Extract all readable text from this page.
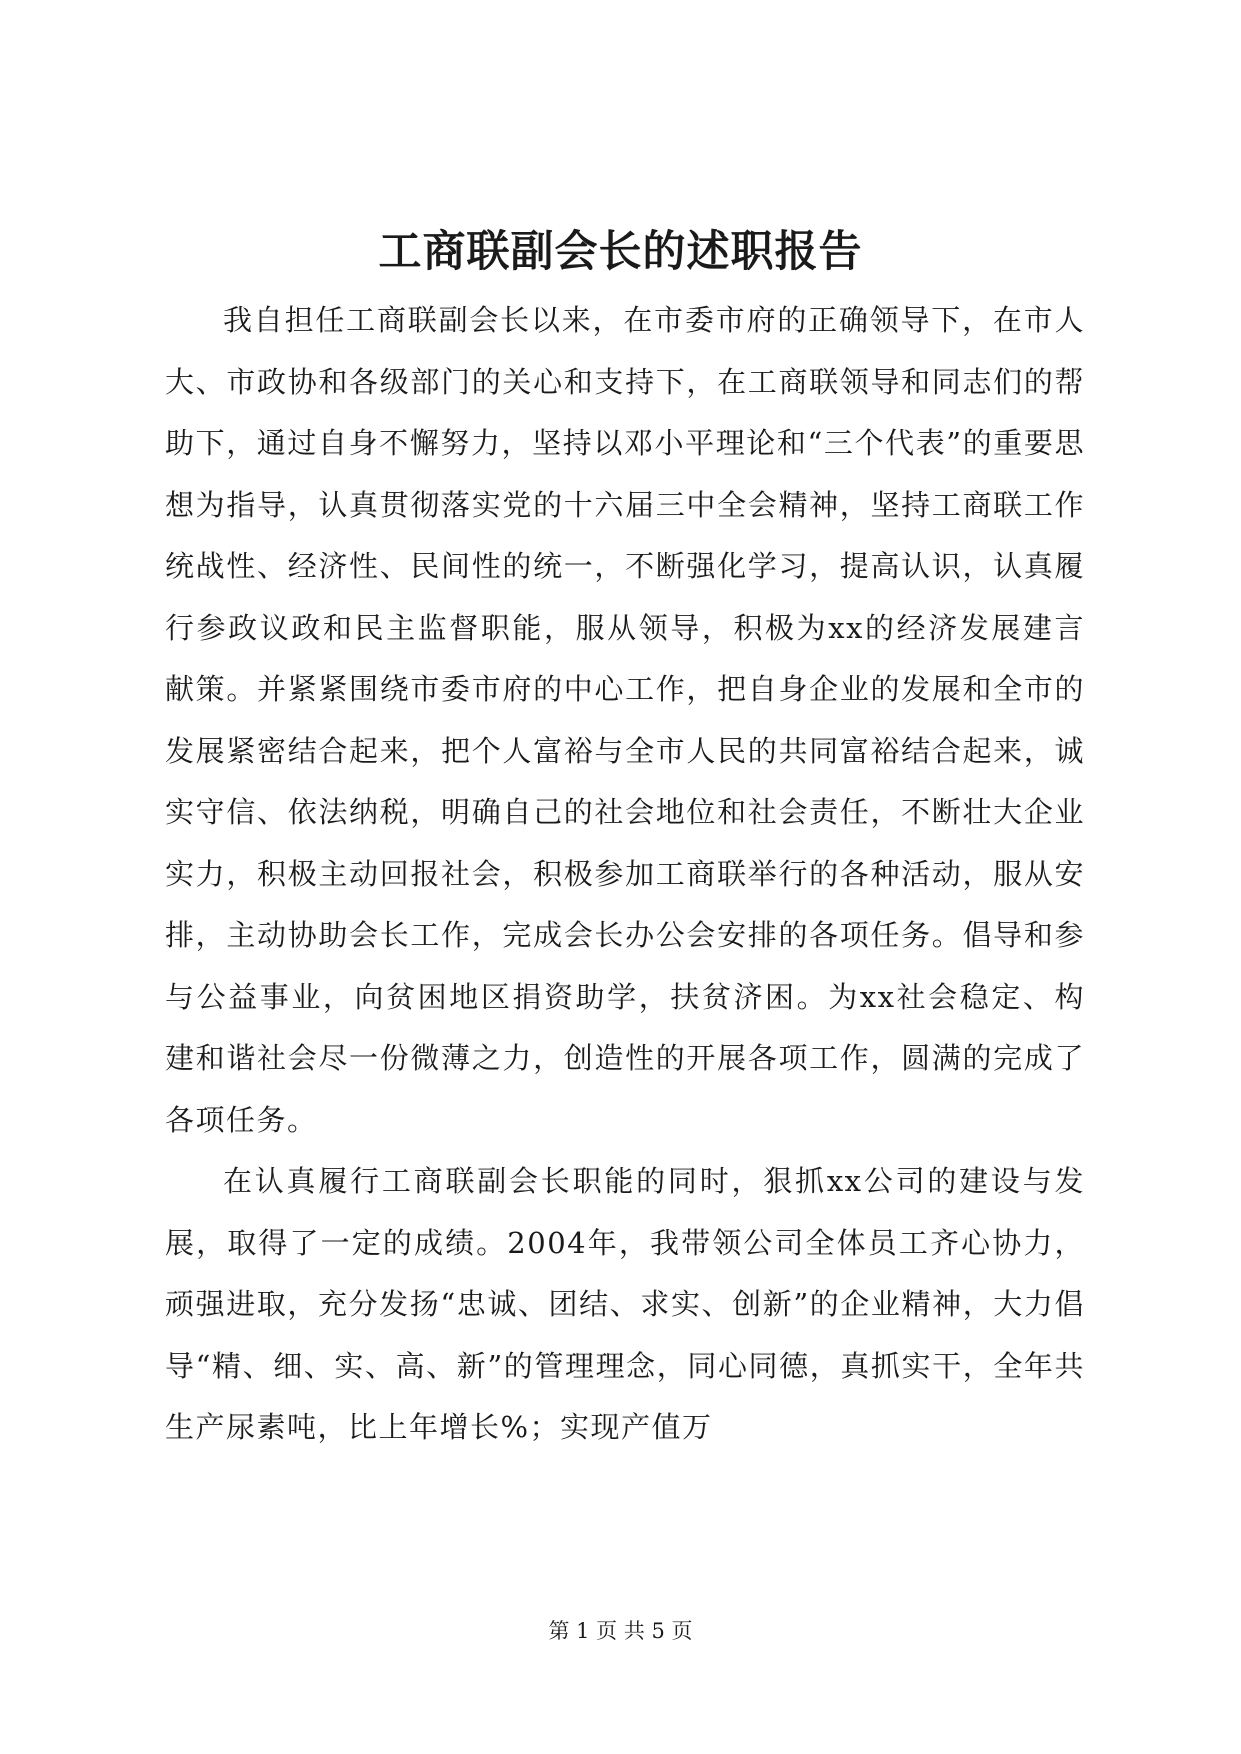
工商联副会长的述职报告

我自担任工商联副会长以来，在市委市府的正确领导下，在市人大、市政协和各级部门的关心和支持下，在工商联领导和同志们的帮助下，通过自身不懈努力，坚持以邓小平理论和“三个代表”的重要思想为指导，认真贯彻落实党的十六届三中全会精神，坚持工商联工作统战性、经济性、民间性的统一，不断强化学习，提高认识，认真履行参政议政和民主监督职能，服从领导，积极为xx的经济发展建言献策。并紧紧围绕市委市府的中心工作，把自身企业的发展和全市的发展紧密结合起来，把个人富裕与全市人民的共同富裕结合起来，诚实守信、依法纳税，明确自己的社会地位和社会责任，不断壮大企业实力，积极主动回报社会，积极参加工商联举行的各种活动，服从安排，主动协助会长工作，完成会长办公会安排的各项任务。倡导和参与公益事业，向贫困地区捐资助学，扶贫济困。为xx社会稳定、构建和谐社会尽一份微薄之力，创造性的开展各项工作，圆满的完成了各项任务。

在认真履行工商联副会长职能的同时，狠抓xx公司的建设与发展，取得了一定的成绩。2004年，我带领公司全体员工齐心协力，顽强进取，充分发扬“忠诚、团结、求实、创新”的企业精神，大力倡导“精、细、实、高、新”的管理理念，同心同德，真抓实干，全年共生产尿素吨，比上年增长%；实现产值万

第 1 页 共 5 页
